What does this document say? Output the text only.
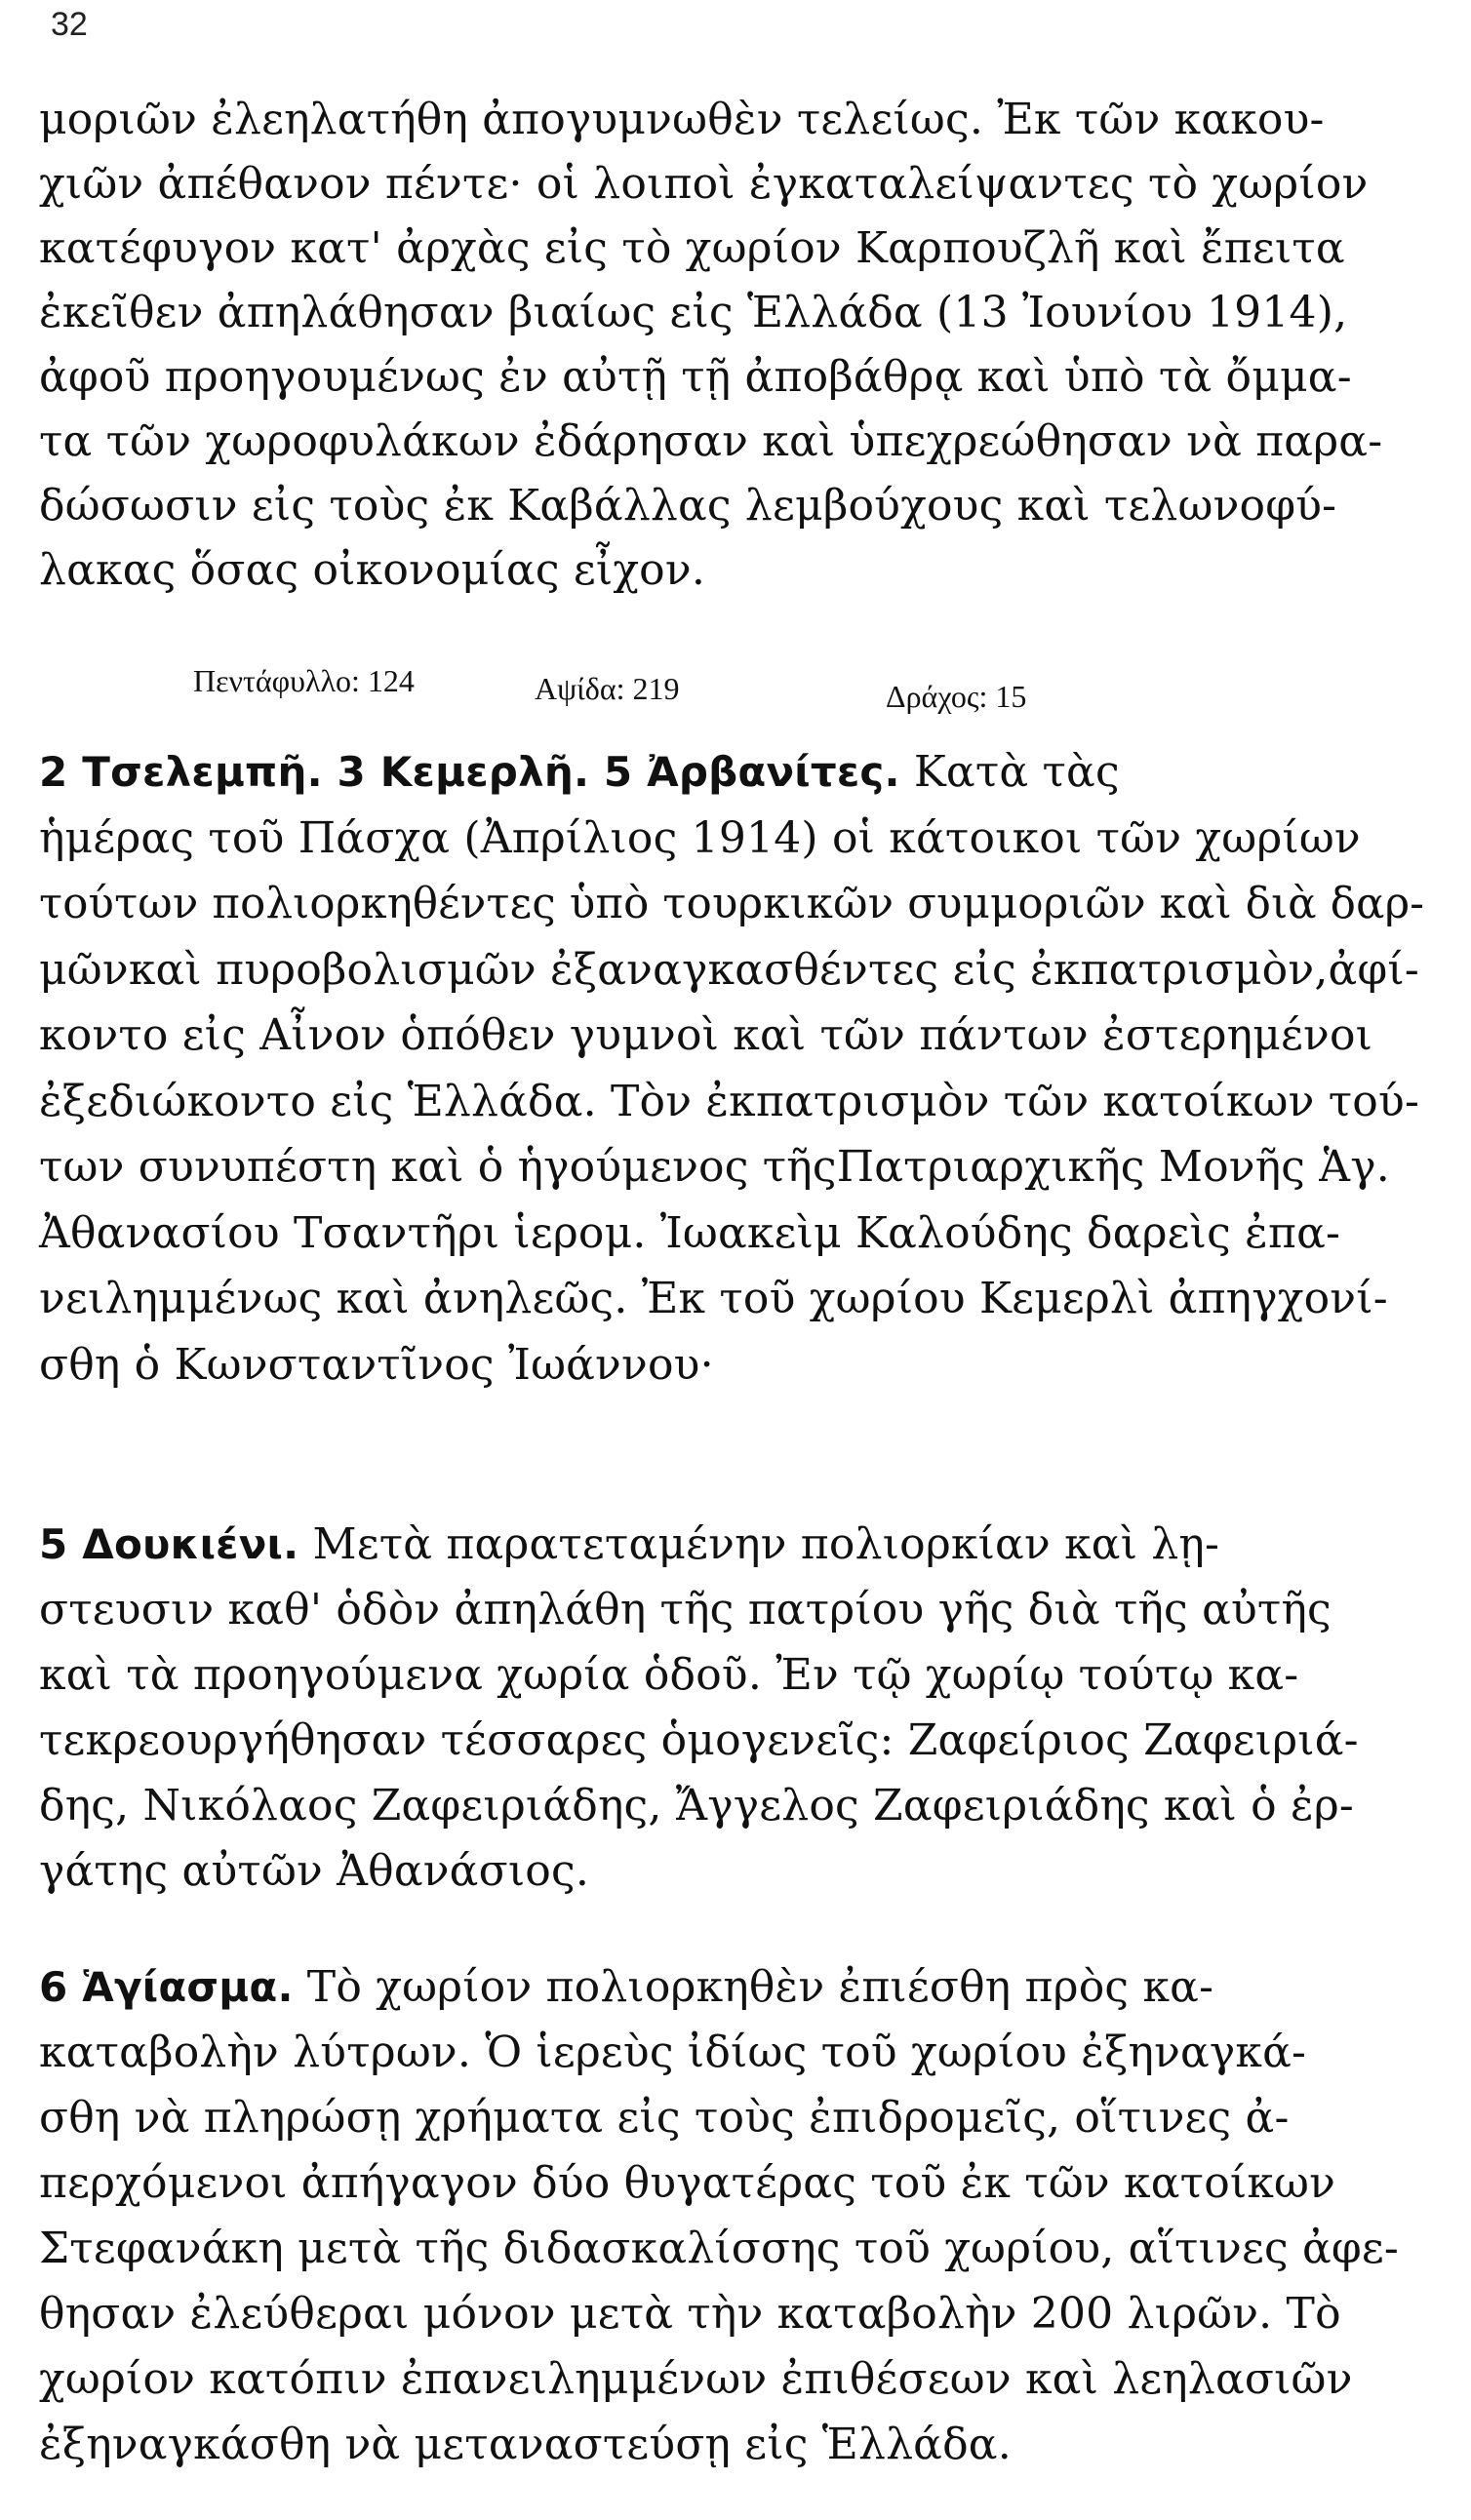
32
μοριῶν ἐλεηλατήθη ἀπογυμνωθὲν τελείως. Ἐκ τῶν κακου-
χιῶν ἀπέθανον πέντε· οἱ λοιποὶ ἐγκαταλείψαντες τὸ χωρίον
κατέφυγον κατ' ἀρχὰς εἰς τὸ χωρίον Καρπουζλῆ καὶ ἔπειτα
ἐκεῖθεν ἀπηλάθησαν βιαίως εἰς Ἑλλάδα (13 Ἰουνίου 1914),
ἀφοῦ προηγουμένως ἐν αὐτῇ τῇ ἀποβάθρᾳ καὶ ὑπὸ τὰ ὄμμα-
τα τῶν χωροφυλάκων ἐδάρησαν καὶ ὑπεχρεώθησαν νὰ παρα-
δώσωσιν εἰς τοὺς ἐκ Καβάλλας λεμβούχους καὶ τελωνοφύ-
λακας ὅσας οἰκονομίας εἶχον.
Πεντάφυλλο: 124	Αψίδα: 219	Δράχος: 15
2 Τσελεμπῆ. 3 Κεμερλῆ. 5 Ἀρβανίτες. Κατὰ τὰς
ἡμέρας τοῦ Πάσχα (Ἀπρίλιος 1914) οἱ κάτοικοι τῶν χωρίων
τούτων πολιορκηθέντες ὑπὸ τουρκικῶν συμμοριῶν καὶ διὰ δαρ-
μῶνκαὶ πυροβολισμῶν ἐξαναγκασθέντες εἰς ἐκπατρισμὸν,ἀφί-
κοντο εἰς Αἶνον ὁπόθεν γυμνοὶ καὶ τῶν πάντων ἐστερημένοι
ἐξεδιώκοντο εἰς Ἑλλάδα. Τὸν ἐκπατρισμὸν τῶν κατοίκων τού-
των συνυπέστη καὶ ὁ ἡγούμενος τῆςΠατριαρχικῆς Μονῆς Ἁγ.
Ἀθανασίου Τσαντῆρι ἱερομ. Ἰωακεὶμ Καλούδης δαρεὶς ἐπα-
νειλημμένως καὶ ἀνηλεῶς. Ἐκ τοῦ χωρίου Κεμερλὶ ἀπηγχονί-
σθη ὁ Κωνσταντῖνος Ἰωάννου·
5 Δουκιένι. Μετὰ παρατεταμένην πολιορκίαν καὶ λῃ-
στευσιν καθ' ὁδὸν ἀπηλάθη τῆς πατρίου γῆς διὰ τῆς αὐτῆς
καὶ τὰ προηγούμενα χωρία ὁδοῦ. Ἐν τῷ χωρίῳ τούτῳ κα-
τεκρεουργήθησαν τέσσαρες ὁμογενεῖς: Ζαφείριος Ζαφειριά-
δης, Νικόλαος Ζαφειριάδης, Ἄγγελος Ζαφειριάδης καὶ ὁ ἐρ-
γάτης αὐτῶν Ἀθανάσιος.
6 Ἁγίασμα. Τὸ χωρίον πολιορκηθὲν ἐπιέσθη πρὸς κα-
καταβολὴν λύτρων. Ὁ ἱερεὺς ἰδίως τοῦ χωρίου ἐξηναγκά-
σθη νὰ πληρώσῃ χρήματα εἰς τοὺς ἐπιδρομεῖς, οἵτινες ἀ-
περχόμενοι ἀπήγαγον δύο θυγατέρας τοῦ ἐκ τῶν κατοίκων
Στεφανάκη μετὰ τῆς διδασκαλίσσης τοῦ χωρίου, αἵτινες ἀφε-
θησαν ἐλεύθεραι μόνον μετὰ τὴν καταβολὴν 200 λιρῶν. Τὸ
χωρίον κατόπιν ἐπανειλημμένων ἐπιθέσεων καὶ λεηλασιῶν
ἐξηναγκάσθη νὰ μεταναστεύσῃ εἰς Ἑλλάδα.
